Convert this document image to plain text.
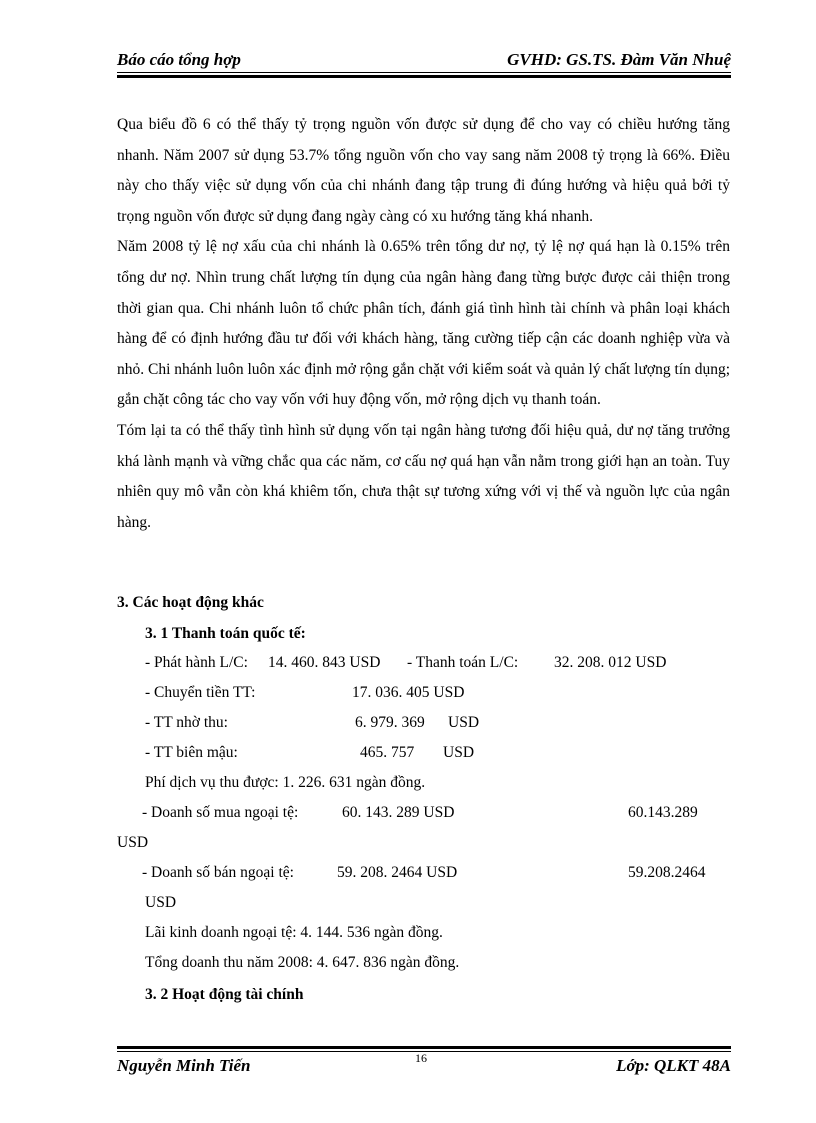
Báo cáo tổng hợp	GVHD: GS.TS. Đàm Văn Nhuệ

Qua biểu đồ 6 có thể thấy tỷ trọng nguồn vốn được sử dụng để cho vay có chiều hướng tăng nhanh. Năm 2007 sử dụng 53.7% tổng nguồn vốn cho vay sang năm 2008 tỷ trọng là 66%. Điều này cho thấy việc sử dụng vốn của chi nhánh đang tập trung đi đúng hướng và hiệu quả bởi tỷ trọng nguồn vốn được sử dụng đang ngày càng có xu hướng tăng khá nhanh.

Năm 2008 tỷ lệ nợ xấu của chi nhánh là 0.65% trên tổng dư nợ, tỷ lệ nợ quá hạn là 0.15% trên tổng dư nợ. Nhìn trung chất lượng tín dụng của ngân hàng đang từng bược được cải thiện trong thời gian qua. Chi nhánh luôn tổ chức phân tích, đánh giá tình hình tài chính và phân loại khách hàng để có định hướng đầu tư đối với khách hàng, tăng cường tiếp cận các doanh nghiệp vừa và nhỏ. Chi nhánh luôn luôn xác định mở rộng gắn chặt với kiểm soát và quản lý chất lượng tín dụng; gắn chặt công tác cho vay vốn với huy động vốn, mở rộng dịch vụ thanh toán.

Tóm lại ta có thể thấy tình hình sử dụng vốn tại ngân hàng tương đối hiệu quả, dư nợ tăng trưởng khá lành mạnh và vững chắc qua các năm, cơ cấu nợ quá hạn vẫn nằm trong giới hạn an toàn. Tuy nhiên quy mô vẫn còn khá khiêm tốn, chưa thật sự tương xứng với vị thế và nguồn lực của ngân hàng.

3. Các hoạt động khác
3. 1 Thanh toán quốc tế:
- Phát hành L/C: 14. 460. 843 USD - Thanh toán L/C: 32. 208. 012 USD
- Chuyển tiền TT:	17. 036. 405 USD
- TT nhờ thu:	6. 979. 369 USD
- TT biên mậu:	465. 757 USD
Phí dịch vụ thu được: 1. 226. 631 ngàn đồng.
- Doanh số mua ngoại tệ:	60. 143. 289 USD	60.143.289
USD
- Doanh số bán ngoại tệ:	59. 208. 2464 USD	59.208.2464
USD
Lãi kinh doanh ngoại tệ: 4. 144. 536 ngàn đồng.
Tổng doanh thu năm 2008: 4. 647. 836 ngàn đồng.
3. 2 Hoạt động tài chính
Nguyễn Minh Tiến	16	Lớp: QLKT 48A
